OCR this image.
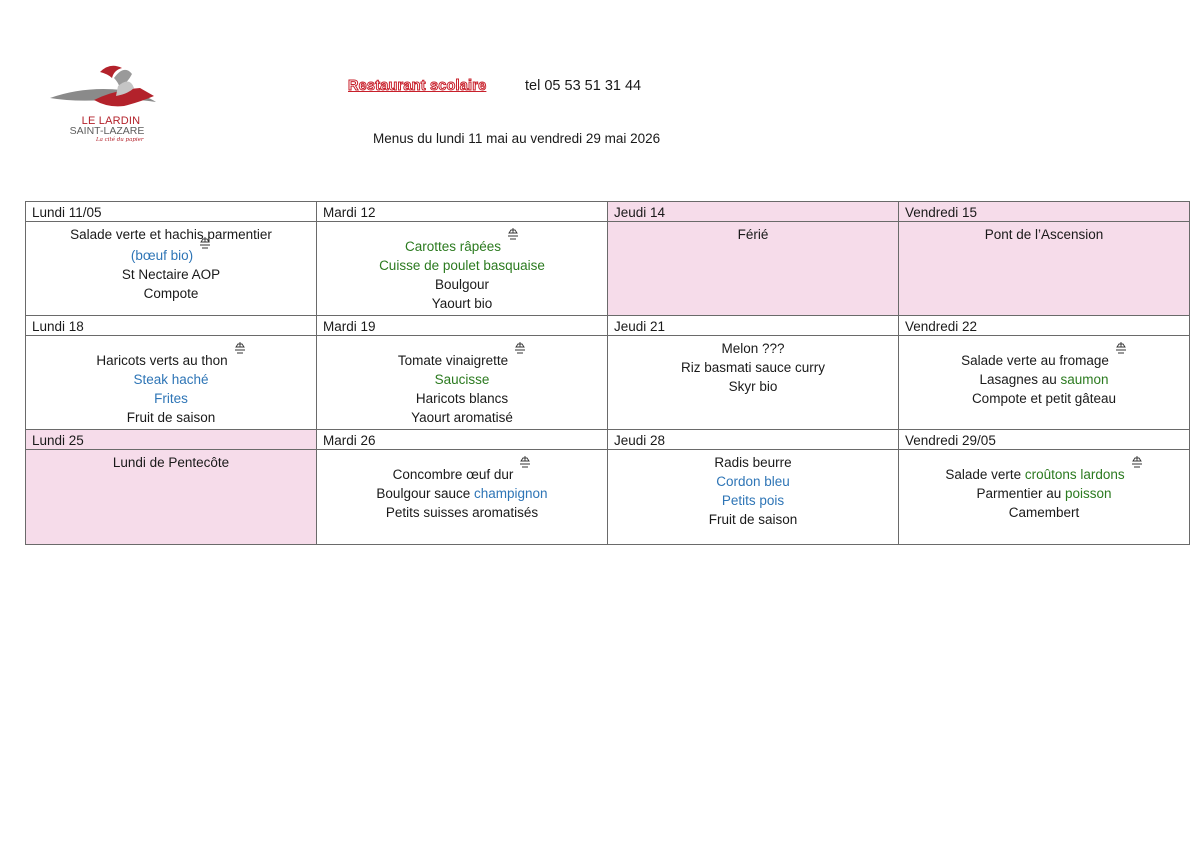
LE LARDIN
SAINT-LAZARE
La cité du papier
Restaurant scolaire	tel 05 53 51 31 44
Menus du lundi 11 mai au vendredi 29 mai 2026
Lundi 11/05	Mardi 12	Jeudi 14	Vendredi 15

Salade verte et hachis parmentier
(bœuf bio)
St Nectaire AOP
Compote	Carottes râpées
Cuisse de poulet basquaise
Boulgour
Yaourt bio	Férié	Pont de l’Ascension

Lundi 18	Mardi 19	Jeudi 21	Vendredi 22

Haricots verts au thon
Steak haché
Frites
Fruit de saison	Tomate vinaigrette
Saucisse
Haricots blancs
Yaourt aromatisé	Melon ???
Riz basmati sauce curry
Skyr bio	Salade verte au fromage
Lasagnes au saumon
Compote et petit gâteau

Lundi 25	Mardi 26	Jeudi 28	Vendredi 29/05

Lundi de Pentecôte	Concombre œuf dur
Boulgour sauce champignon
Petits suisses aromatisés	Radis beurre
Cordon bleu
Petits pois
Fruit de saison	Salade verte croûtons lardons
Parmentier au poisson
Camembert
